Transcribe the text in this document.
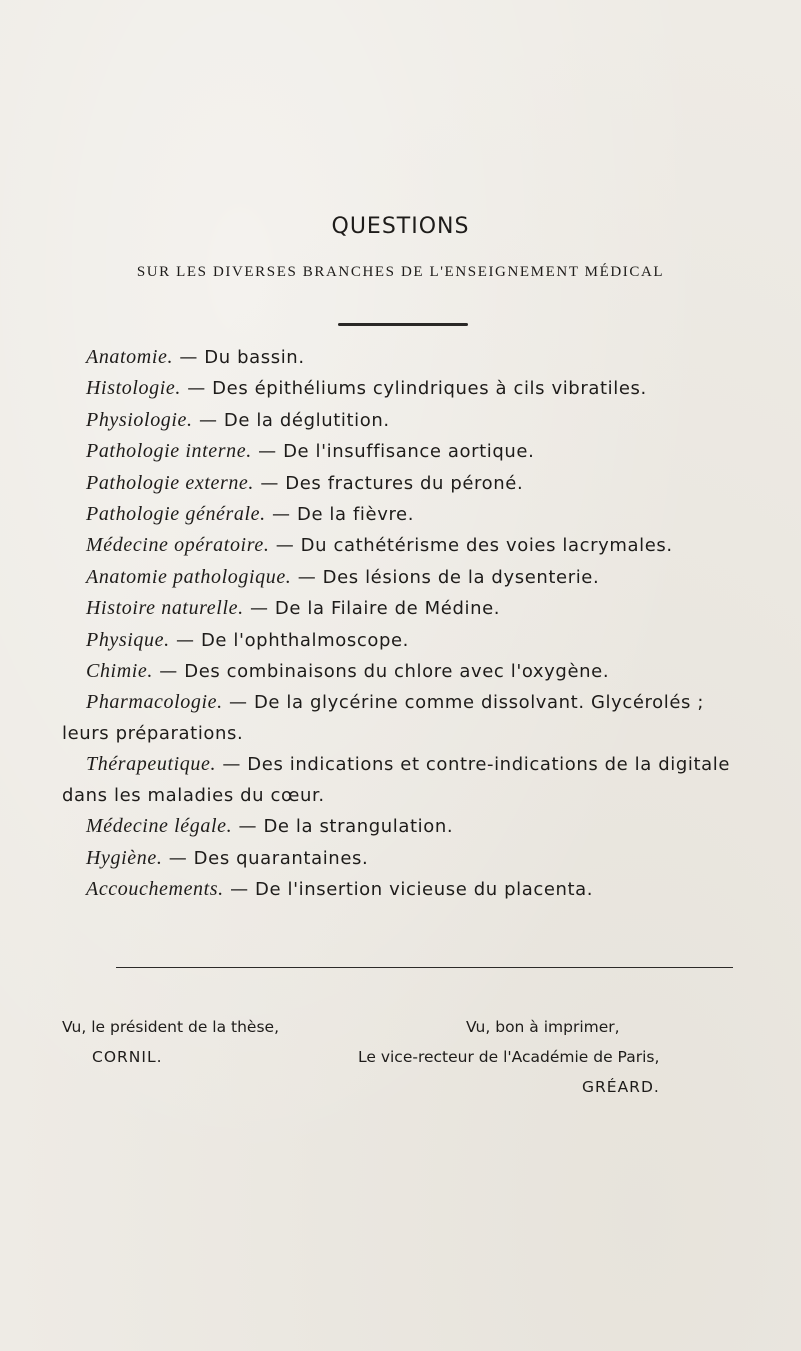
QUESTIONS
SUR LES DIVERSES BRANCHES DE L'ENSEIGNEMENT MÉDICAL

Anatomie. — Du bassin.

Histologie. — Des épithéliums cylindriques à cils vibratiles.

Physiologie. — De la déglutition.

Pathologie interne. — De l'insuffisance aortique.

Pathologie externe. — Des fractures du péroné.

Pathologie générale. — De la fièvre.

Médecine opératoire. — Du cathétérisme des voies lacrymales.

Anatomie pathologique. — Des lésions de la dysenterie.

Histoire naturelle. — De la Filaire de Médine.

Physique. — De l'ophthalmoscope.

Chimie. — Des combinaisons du chlore avec l'oxygène.

Pharmacologie. — De la glycérine comme dissolvant. Glycérolés ; leurs préparations.

Thérapeutique. — Des indications et contre-indications de la digitale dans les maladies du cœur.

Médecine légale. — De la strangulation.

Hygiène. — Des quarantaines.

Accouchements. — De l'insertion vicieuse du placenta.

Vu, le président de la thèse,
CORNIL.
Vu, bon à imprimer,
Le vice-recteur de l'Académie de Paris,
GRÉARD.
